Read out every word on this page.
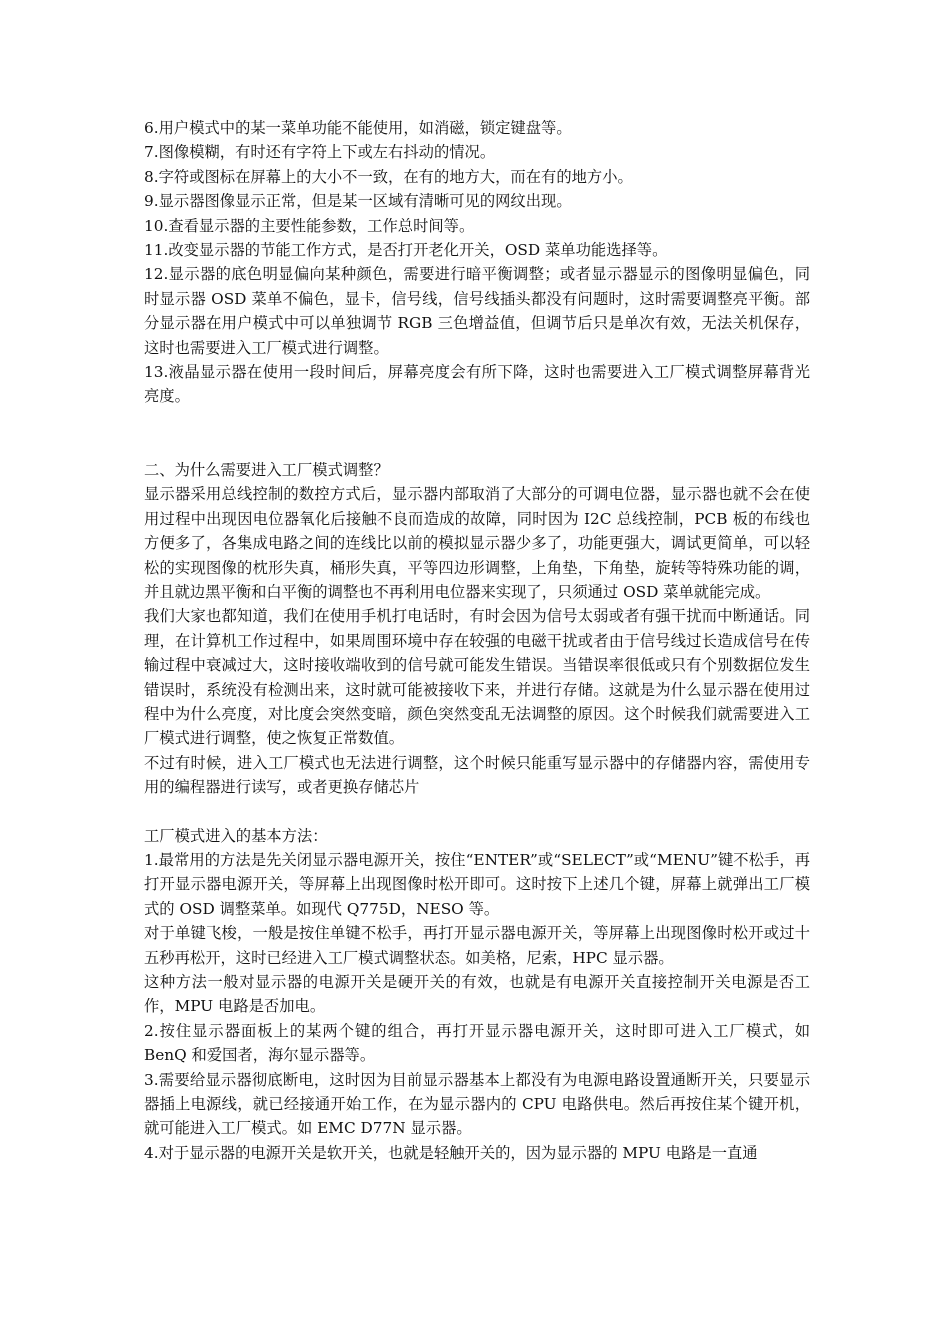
6.用户模式中的某一菜单功能不能使用，如消磁，锁定键盘等。

7.图像模糊，有时还有字符上下或左右抖动的情况。

8.字符或图标在屏幕上的大小不一致，在有的地方大，而在有的地方小。

9.显示器图像显示正常，但是某一区域有清晰可见的网纹出现。

10.查看显示器的主要性能参数，工作总时间等。

11.改变显示器的节能工作方式，是否打开老化开关，OSD 菜单功能选择等。

12.显示器的底色明显偏向某种颜色，需要进行暗平衡调整；或者显示器显示的图像明显偏色，同时显示器 OSD 菜单不偏色，显卡，信号线，信号线插头都没有问题时，这时需要调整亮平衡。部分显示器在用户模式中可以单独调节 RGB 三色增益值，但调节后只是单次有效，无法关机保存，这时也需要进入工厂模式进行调整。

13.液晶显示器在使用一段时间后，屏幕亮度会有所下降，这时也需要进入工厂模式调整屏幕背光亮度。

二、为什么需要进入工厂模式调整？

显示器采用总线控制的数控方式后，显示器内部取消了大部分的可调电位器，显示器也就不会在使用过程中出现因电位器氧化后接触不良而造成的故障，同时因为 I2C 总线控制，PCB 板的布线也方便多了，各集成电路之间的连线比以前的模拟显示器少多了，功能更强大，调试更简单，可以轻松的实现图像的枕形失真，桶形失真，平等四边形调整，上角垫，下角垫，旋转等特殊功能的调，并且就边黑平衡和白平衡的调整也不再利用电位器来实现了，只须通过 OSD 菜单就能完成。

我们大家也都知道，我们在使用手机打电话时，有时会因为信号太弱或者有强干扰而中断通话。同理，在计算机工作过程中，如果周围环境中存在较强的电磁干扰或者由于信号线过长造成信号在传输过程中衰减过大，这时接收端收到的信号就可能发生错误。当错误率很低或只有个别数据位发生错误时，系统没有检测出来，这时就可能被接收下来，并进行存储。这就是为什么显示器在使用过程中为什么亮度，对比度会突然变暗，颜色突然变乱无法调整的原因。这个时候我们就需要进入工厂模式进行调整，使之恢复正常数值。

不过有时候，进入工厂模式也无法进行调整，这个时候只能重写显示器中的存储器内容，需使用专用的编程器进行读写，或者更换存储芯片

工厂模式进入的基本方法：

1.最常用的方法是先关闭显示器电源开关，按住“ENTER”或“SELECT”或“MENU”键不松手，再打开显示器电源开关，等屏幕上出现图像时松开即可。这时按下上述几个键，屏幕上就弹出工厂模式的 OSD 调整菜单。如现代 Q775D，NESO 等。

对于单键飞梭，一般是按住单键不松手，再打开显示器电源开关，等屏幕上出现图像时松开或过十五秒再松开，这时已经进入工厂模式调整状态。如美格，尼索，HPC 显示器。

这种方法一般对显示器的电源开关是硬开关的有效，也就是有电源开关直接控制开关电源是否工作，MPU 电路是否加电。

2.按住显示器面板上的某两个键的组合，再打开显示器电源开关，这时即可进入工厂模式，如 BenQ 和爱国者，海尔显示器等。

3.需要给显示器彻底断电，这时因为目前显示器基本上都没有为电源电路设置通断开关，只要显示器插上电源线，就已经接通开始工作，在为显示器内的 CPU 电路供电。然后再按住某个键开机，就可能进入工厂模式。如 EMC D77N 显示器。

4.对于显示器的电源开关是软开关，也就是轻触开关的，因为显示器的 MPU 电路是一直通
